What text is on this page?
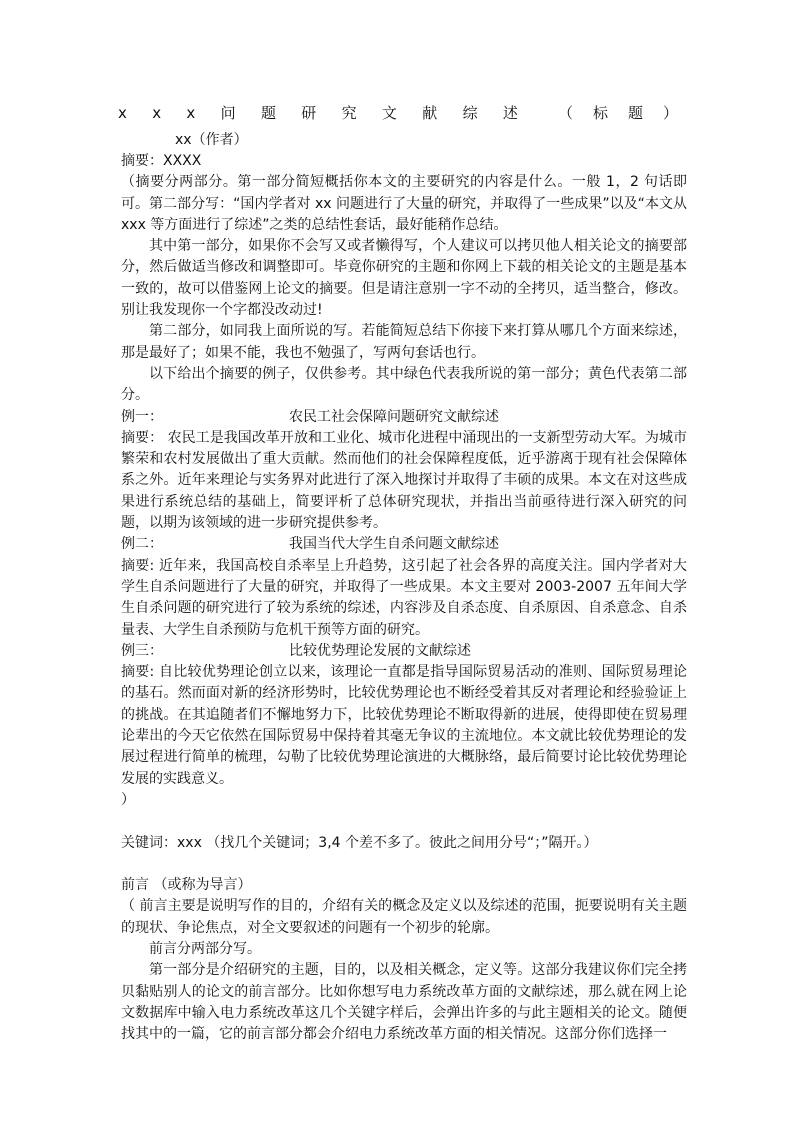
x x x 问 题 研 究 文 献 综 述	（ 标 题 ）
xx（作者）

摘要：XXXX

（摘要分两部分。第一部分简短概括你本文的主要研究的内容是什么。一般 1，2 句话即可。第二部分写：“国内学者对 xx 问题进行了大量的研究，并取得了一些成果”以及“本文从 xxx 等方面进行了综述”之类的总结性套话，最好能稍作总结。

其中第一部分，如果你不会写又或者懒得写，个人建议可以拷贝他人相关论文的摘要部分，然后做适当修改和调整即可。毕竟你研究的主题和你网上下载的相关论文的主题是基本一致的，故可以借鉴网上论文的摘要。但是请注意别一字不动的全拷贝，适当整合，修改。别让我发现你一个字都没改动过!

第二部分，如同我上面所说的写。若能简短总结下你接下来打算从哪几个方面来综述，那是最好了；如果不能，我也不勉强了，写两句套话也行。

以下给出个摘要的例子，仅供参考。其中绿色代表我所说的第一部分；黄色代表第二部分。

例一：	农民工社会保障问题研究文献综述

摘要： 农民工是我国改革开放和工业化、城市化进程中涌现出的一支新型劳动大军。为城市繁荣和农村发展做出了重大贡献。然而他们的社会保障程度低，近乎游离于现有社会保障体系之外。近年来理论与实务界对此进行了深入地探讨并取得了丰硕的成果。本文在对这些成果进行系统总结的基础上，简要评析了总体研究现状，并指出当前亟待进行深入研究的问题，以期为该领域的进一步研究提供参考。

例二：	我国当代大学生自杀问题文献综述

摘要: 近年来，我国高校自杀率呈上升趋势，这引起了社会各界的高度关注。国内学者对大学生自杀问题进行了大量的研究，并取得了一些成果。本文主要对 2003-2007 五年间大学生自杀问题的研究进行了较为系统的综述，内容涉及自杀态度、自杀原因、自杀意念、自杀量表、大学生自杀预防与危机干预等方面的研究。

例三：	比较优势理论发展的文献综述

摘要: 自比较优势理论创立以来，该理论一直都是指导国际贸易活动的准则、国际贸易理论的基石。然而面对新的经济形势时，比较优势理论也不断经受着其反对者理论和经验验证上的挑战。在其追随者们不懈地努力下，比较优势理论不断取得新的进展，使得即使在贸易理论辈出的今天它依然在国际贸易中保持着其毫无争议的主流地位。本文就比较优势理论的发展过程进行简单的梳理，勾勒了比较优势理论演进的大概脉络，最后简要讨论比较优势理论发展的实践意义。

）

关键词：xxx （找几个关键词；3,4 个差不多了。彼此之间用分号“；”隔开。）

前言 （或称为导言）

（ 前言主要是说明写作的目的，介绍有关的概念及定义以及综述的范围，扼要说明有关主题的现状、争论焦点，对全文要叙述的问题有一个初步的轮廓。

前言分两部分写。

第一部分是介绍研究的主题，目的，以及相关概念，定义等。这部分我建议你们完全拷贝黏贴别人的论文的前言部分。比如你想写电力系统改革方面的文献综述，那么就在网上论文数据库中输入电力系统改革这几个关键字样后，会弹出许多的与此主题相关的论文。随便找其中的一篇，它的前言部分都会介绍电力系统改革方面的相关情况。这部分你们选择一
